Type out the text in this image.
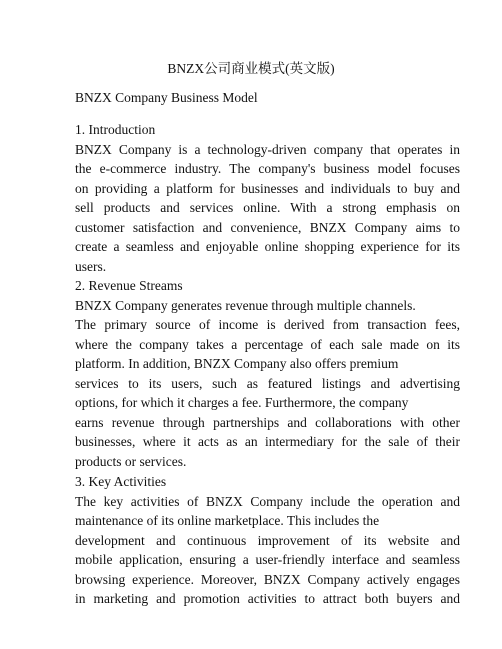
BNZX公司商业模式(英文版)
BNZX Company Business Model
1. Introduction
BNZX Company is a technology-driven company that operates in
the e-commerce industry. The company's business model focuses
on providing a platform for businesses and individuals to buy and
sell products and services online. With a strong emphasis on
customer satisfaction and convenience, BNZX Company aims to
create a seamless and enjoyable online shopping experience for its
users.
2. Revenue Streams
BNZX Company generates revenue through multiple channels.
The primary source of income is derived from transaction fees,
where the company takes a percentage of each sale made on its
platform. In addition, BNZX Company also offers premium
services to its users, such as featured listings and advertising
options, for which it charges a fee. Furthermore, the company
earns revenue through partnerships and collaborations with other
businesses, where it acts as an intermediary for the sale of their
products or services.
3. Key Activities
The key activities of BNZX Company include the operation and
maintenance of its online marketplace. This includes the
development and continuous improvement of its website and
mobile application, ensuring a user-friendly interface and seamless
browsing experience. Moreover, BNZX Company actively engages
in marketing and promotion activities to attract both buyers and
